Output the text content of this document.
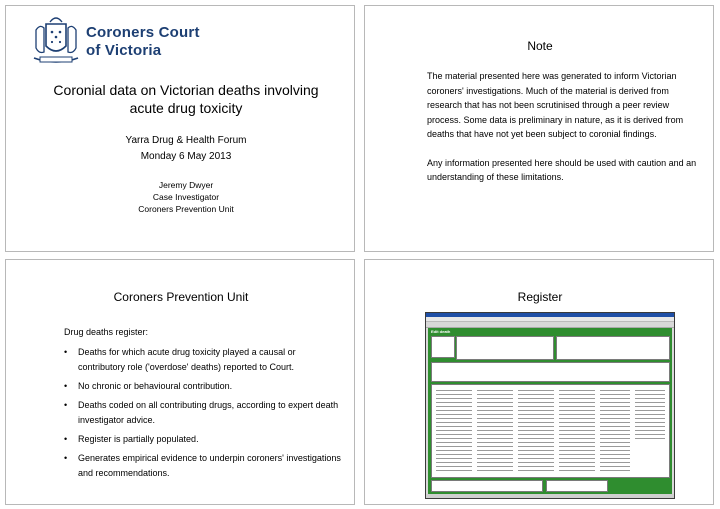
Coroners Court
of Victoria
Coronial data on Victorian deaths involving acute drug toxicity
Yarra Drug & Health Forum
Monday 6 May 2013
Jeremy Dwyer
Case Investigator
Coroners Prevention Unit
Note

The material presented here was generated to inform Victorian coroners' investigations. Much of the material is derived from research that has not been scrutinised through a peer review process. Some data is preliminary in nature, as it is derived from deaths that have not yet been subject to coronial findings.

Any information presented here should be used with caution and an understanding of these limitations.

Coroners Prevention Unit
Drug deaths register:
• Deaths for which acute drug toxicity played a causal or contributory role ('overdose' deaths) reported to Court.
• No chronic or behavioural contribution.
• Deaths coded on all contributing drugs, according to expert death investigator advice.
• Register is partially populated.
• Generates empirical evidence to underpin coroners' investigations and recommendations.
Register
Edit death
